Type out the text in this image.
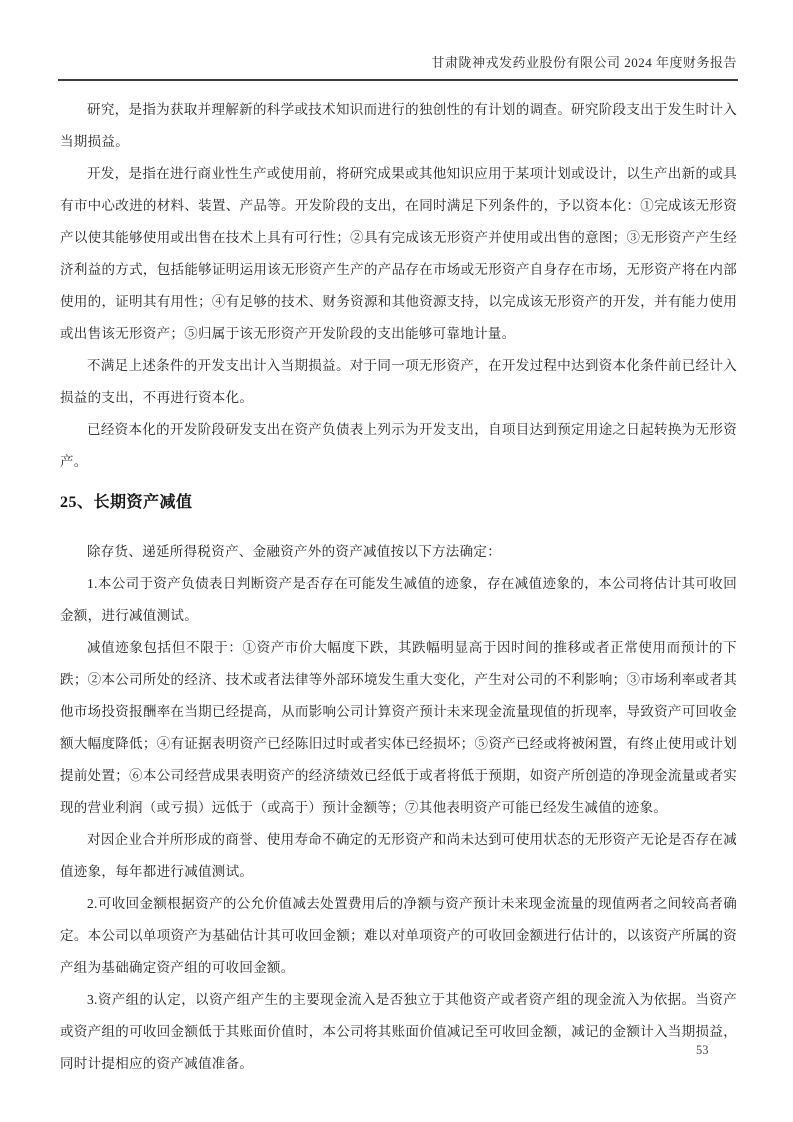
甘肃陇神戎发药业股份有限公司 2024 年度财务报告

研究，是指为获取并理解新的科学或技术知识而进行的独创性的有计划的调查。研究阶段支出于发生时计入当期损益。

开发，是指在进行商业性生产或使用前，将研究成果或其他知识应用于某项计划或设计，以生产出新的或具有市中心改进的材料、装置、产品等。开发阶段的支出，在同时满足下列条件的，予以资本化：①完成该无形资产以使其能够使用或出售在技术上具有可行性；②具有完成该无形资产并使用或出售的意图；③无形资产产生经济利益的方式，包括能够证明运用该无形资产生产的产品存在市场或无形资产自身存在市场，无形资产将在内部使用的，证明其有用性；④有足够的技术、财务资源和其他资源支持，以完成该无形资产的开发，并有能力使用或出售该无形资产；⑤归属于该无形资产开发阶段的支出能够可靠地计量。

不满足上述条件的开发支出计入当期损益。对于同一项无形资产，在开发过程中达到资本化条件前已经计入损益的支出，不再进行资本化。

已经资本化的开发阶段研发支出在资产负债表上列示为开发支出，自项目达到预定用途之日起转换为无形资产。

25、长期资产减值

除存货、递延所得税资产、金融资产外的资产减值按以下方法确定：

1.本公司于资产负债表日判断资产是否存在可能发生减值的迹象，存在减值迹象的，本公司将估计其可收回金额，进行减值测试。

减值迹象包括但不限于：①资产市价大幅度下跌，其跌幅明显高于因时间的推移或者正常使用而预计的下跌；②本公司所处的经济、技术或者法律等外部环境发生重大变化，产生对公司的不利影响；③市场利率或者其他市场投资报酬率在当期已经提高，从而影响公司计算资产预计未来现金流量现值的折现率，导致资产可回收金额大幅度降低；④有证据表明资产已经陈旧过时或者实体已经损坏；⑤资产已经或将被闲置，有终止使用或计划提前处置；⑥本公司经营成果表明资产的经济绩效已经低于或者将低于预期，如资产所创造的净现金流量或者实现的营业利润（或亏损）远低于（或高于）预计金额等；⑦其他表明资产可能已经发生减值的迹象。

对因企业合并所形成的商誉、使用寿命不确定的无形资产和尚未达到可使用状态的无形资产无论是否存在减值迹象，每年都进行减值测试。

2.可收回金额根据资产的公允价值减去处置费用后的净额与资产预计未来现金流量的现值两者之间较高者确定。本公司以单项资产为基础估计其可收回金额；难以对单项资产的可收回金额进行估计的，以该资产所属的资产组为基础确定资产组的可收回金额。

3.资产组的认定，以资产组产生的主要现金流入是否独立于其他资产或者资产组的现金流入为依据。当资产或资产组的可收回金额低于其账面价值时，本公司将其账面价值减记至可收回金额，减记的金额计入当期损益，同时计提相应的资产减值准备。

53
